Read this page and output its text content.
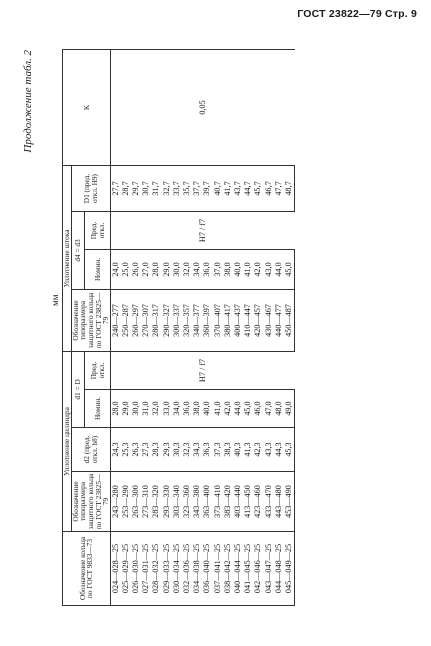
ГОСТ 23822—79 Стр. 9
Продолжение табл. 2
мм
Обозначение кольца по ГОСТ 9833—73	Уплотнение цилиндра				Уплотнение штока				K
	Обозначение типоразмера защитного кольца по ГОСТ 23825—79	d2 (пред. откл. h8)	d1 = D		Обозначение типоразмера защитного кольца по ГОСТ 23825—79	d4 = d3		D1 (пред. откл. H9)	
			Номин.	Пред. откл.		Номин.	Пред. откл.		
024—028—25	243—280	24,3	28,0	H7 / f7	240—277	24,0	H7 / f7	27,7	0,05
025—029—25	253—290	25,3	29,0		250—287	25,0		28,7	
026—030—25	263—300	26,3	30,0		260—297	26,0		29,7	
027—031—25	273—310	27,3	31,0		270—307	27,0		30,7	
028—032—25	283—320	28,3	32,0		280—317	28,0		31,7	
029—033—25	293—330	29,3	33,0		290—327	29,0		32,7	
030—034—25	303—340	30,3	34,0		300—337	30,0		33,7	
032—036—25	323—360	32,3	36,0		320—357	32,0		35,7	
034—038—25	343—380	34,3	38,0		340—377	34,0		37,7	
036—040—25	363—400	36,3	40,0		360—397	36,0		39,7	
037—041—25	373—410	37,3	41,0		370—407	37,0		40,7	
038—042—25	383—420	38,3	42,0		380—417	38,0		41,7	
040—044—25	403—440	40,3	44,0		400—437	40,0		43,7	
041—045—25	413—450	41,3	45,0		410—447	41,0		44,7	
042—046—25	423—460	42,3	46,0		420—457	42,0		45,7	
043—047—25	433—470	43,3	47,0		430—467	43,0		46,7	
044—048—25	443—480	44,3	48,0		440—477	44,0		47,7	
045—049—25	453—490	45,3	49,0		450—487	45,0		48,7	
